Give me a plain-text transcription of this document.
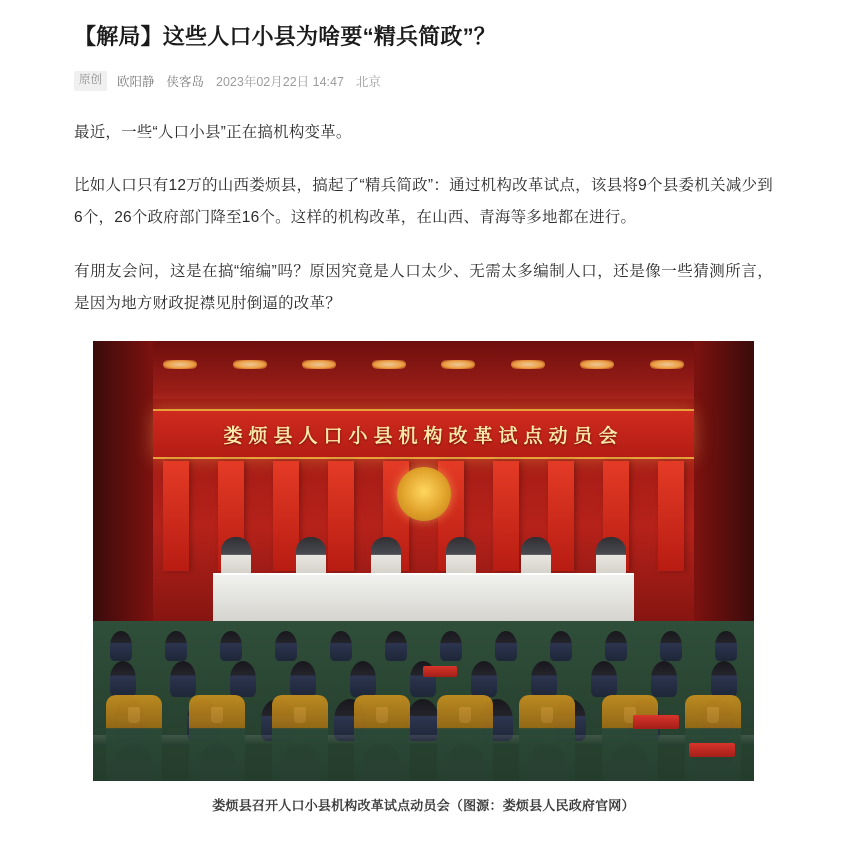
【解局】这些人口小县为啥要“精兵简政”？
原创	欧阳静 侠客岛 2023年02月22日 14:47 北京

最近，一些“人口小县”正在搞机构变革。

比如人口只有12万的山西娄烦县，搞起了“精兵简政”：通过机构改革试点，该县将9个县委机关减少到6个，26个政府部门降至16个。这样的机构改革，在山西、青海等多地都在进行。

有朋友会问，这是在搞“缩编”吗？原因究竟是人口太少、无需太多编制人口，还是像一些猜测所言，是因为地方财政捉襟见肘倒逼的改革？

娄烦县人口小县机构改革试点动员会
娄烦县召开人口小县机构改革试点动员会（图源：娄烦县人民政府官网）
